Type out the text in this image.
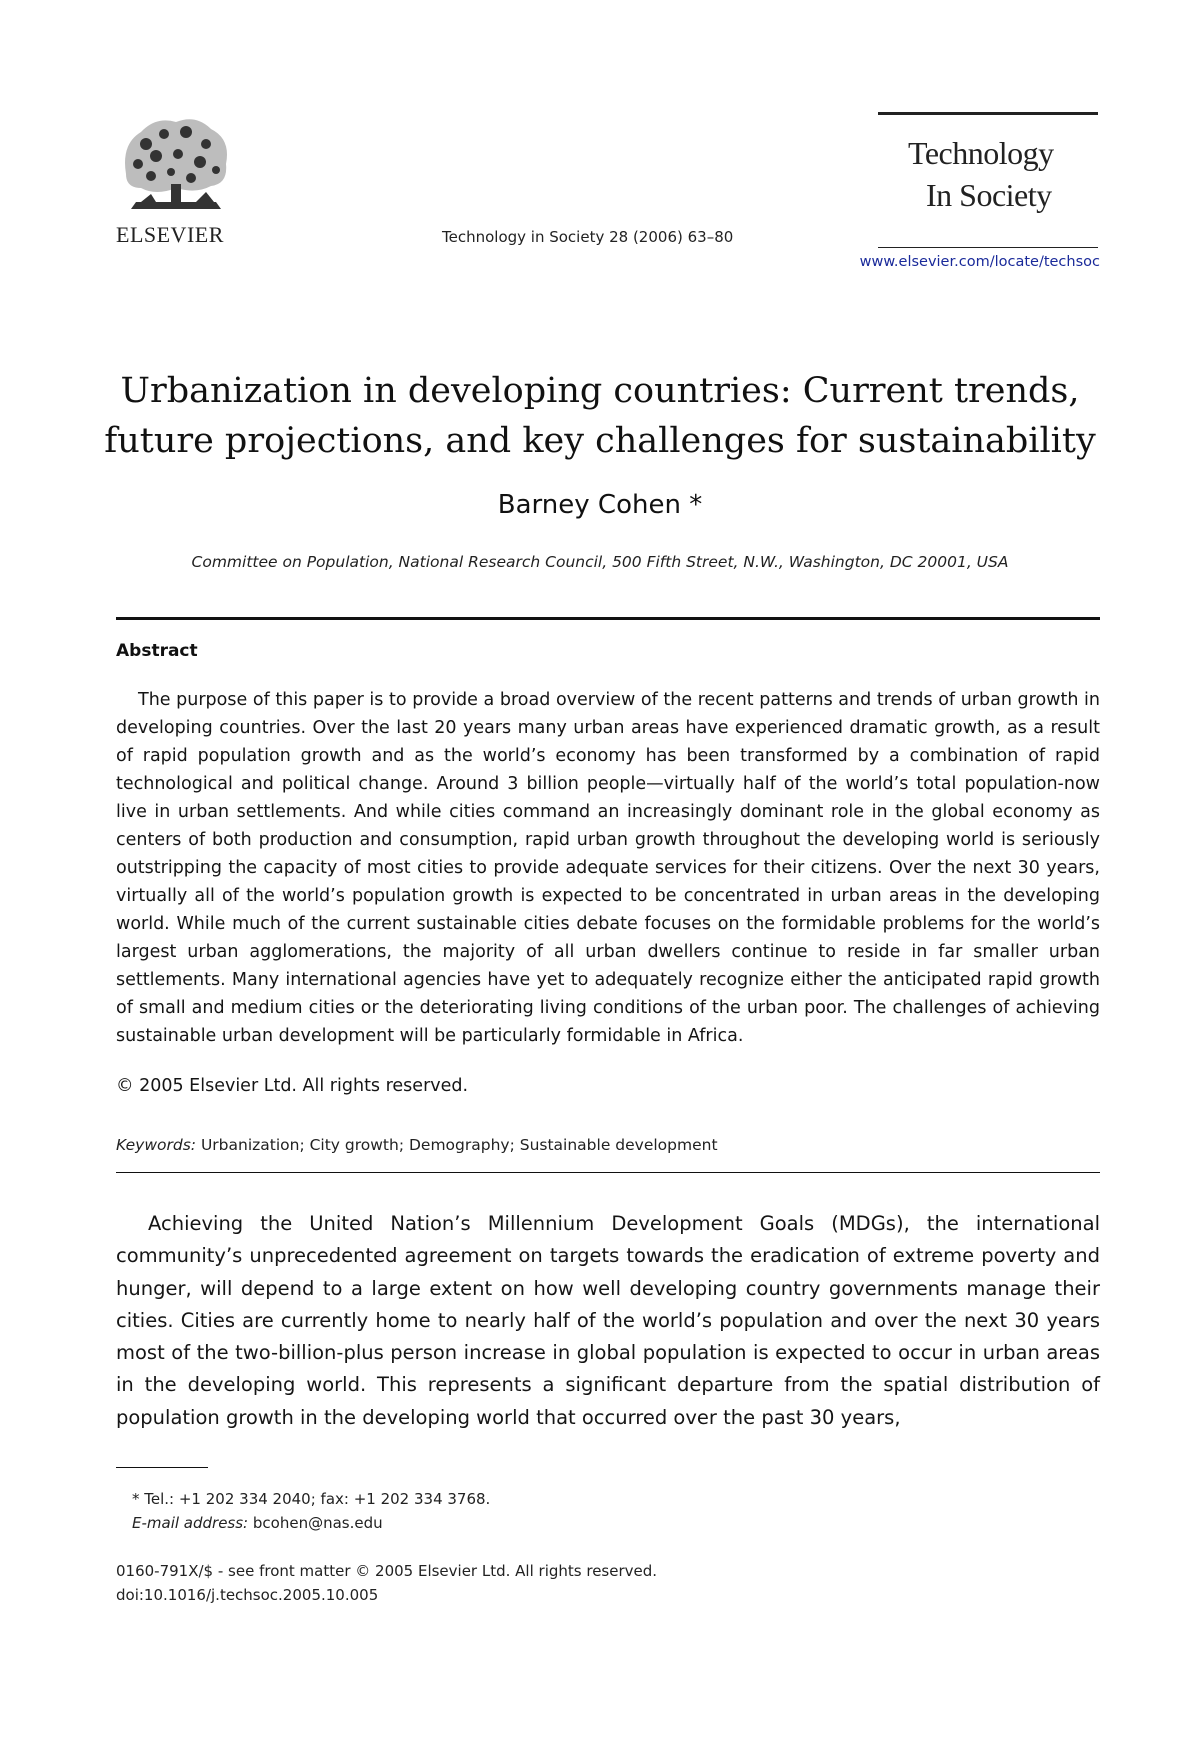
ELSEVIER	Technology in Society 28 (2006) 63–80
Technology
In Society
www.elsevier.com/locate/techsoc
Urbanization in developing countries: Current trends,
future projections, and key challenges for sustainability
Barney Cohen *
Committee on Population, National Research Council, 500 Fifth Street, N.W., Washington, DC 20001, USA
Abstract

The purpose of this paper is to provide a broad overview of the recent patterns and trends of urban growth in developing countries. Over the last 20 years many urban areas have experienced dramatic growth, as a result of rapid population growth and as the world’s economy has been transformed by a combination of rapid technological and political change. Around 3 billion people—virtually half of the world’s total population-now live in urban settlements. And while cities command an increasingly dominant role in the global economy as centers of both production and consumption, rapid urban growth throughout the developing world is seriously outstripping the capacity of most cities to provide adequate services for their citizens. Over the next 30 years, virtually all of the world’s population growth is expected to be concentrated in urban areas in the developing world. While much of the current sustainable cities debate focuses on the formidable problems for the world’s largest urban agglomerations, the majority of all urban dwellers continue to reside in far smaller urban settlements. Many international agencies have yet to adequately recognize either the anticipated rapid growth of small and medium cities or the deteriorating living conditions of the urban poor. The challenges of achieving sustainable urban development will be particularly formidable in Africa.

© 2005 Elsevier Ltd. All rights reserved.
Keywords: Urbanization; City growth; Demography; Sustainable development

Achieving the United Nation’s Millennium Development Goals (MDGs), the international community’s unprecedented agreement on targets towards the eradication of extreme poverty and hunger, will depend to a large extent on how well developing country governments manage their cities. Cities are currently home to nearly half of the world’s population and over the next 30 years most of the two-billion-plus person increase in global population is expected to occur in urban areas in the developing world. This represents a significant departure from the spatial distribution of population growth in the developing world that occurred over the past 30 years,

* Tel.: +1 202 334 2040; fax: +1 202 334 3768.
E-mail address: bcohen@nas.edu
0160-791X/$ - see front matter © 2005 Elsevier Ltd. All rights reserved.
doi:10.1016/j.techsoc.2005.10.005
